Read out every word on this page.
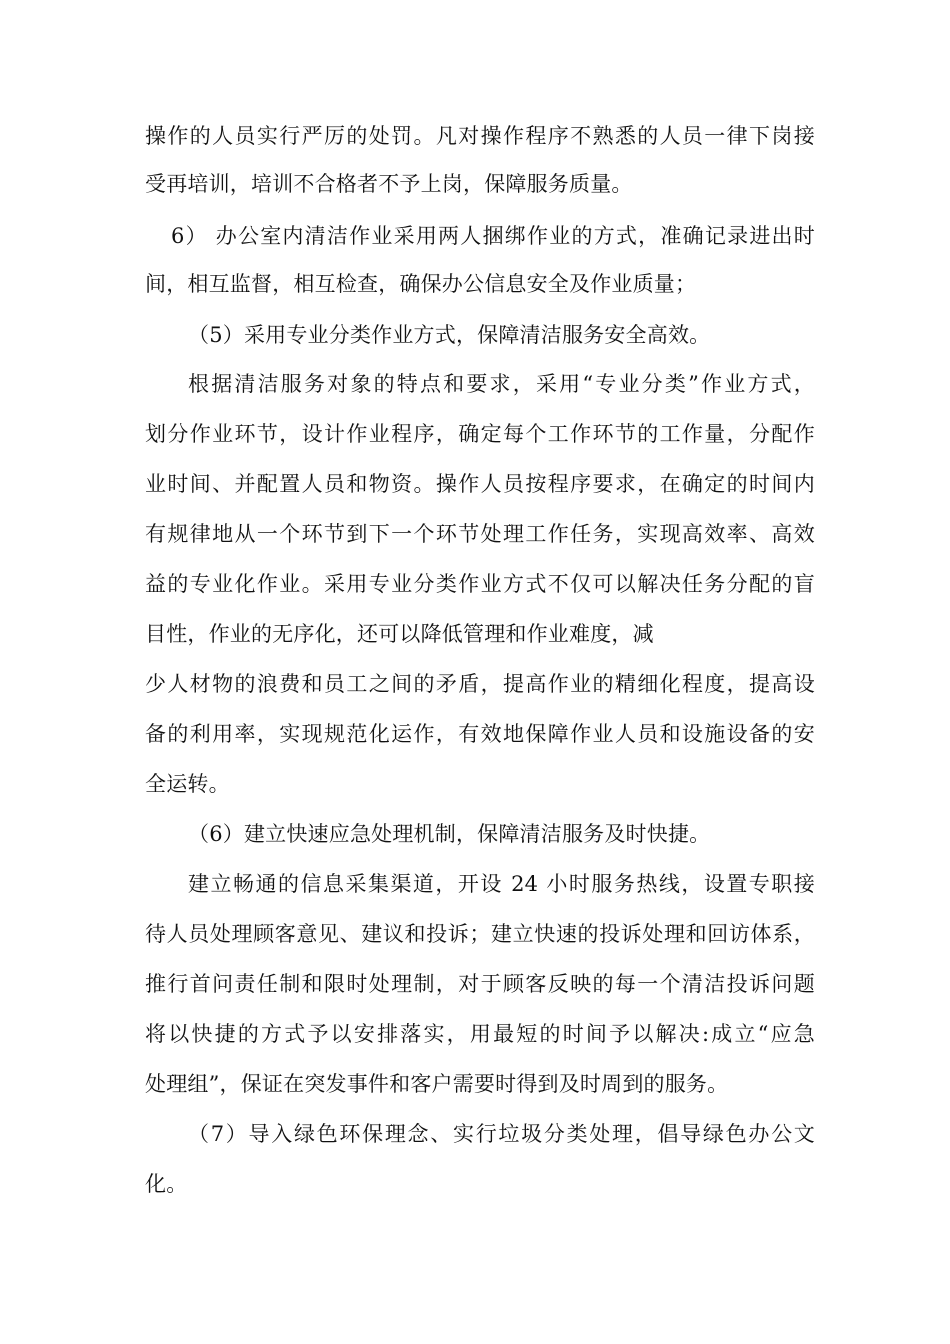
操作的人员实行严厉的处罚。凡对操作程序不熟悉的人员一律下岗接
受再培训，培训不合格者不予上岗，保障服务质量。
6） 办公室内清洁作业采用两人捆绑作业的方式，准确记录进出时
间，相互监督，相互检查，确保办公信息安全及作业质量；
（5）采用专业分类作业方式，保障清洁服务安全高效。
根据清洁服务对象的特点和要求，采用“专业分类”作业方式，
划分作业环节，设计作业程序，确定每个工作环节的工作量，分配作
业时间、并配置人员和物资。操作人员按程序要求，在确定的时间内
有规律地从一个环节到下一个环节处理工作任务，实现高效率、高效
益的专业化作业。采用专业分类作业方式不仅可以解决任务分配的盲
目性，作业的无序化，还可以降低管理和作业难度，减
少人材物的浪费和员工之间的矛盾，提高作业的精细化程度，提高设
备的利用率，实现规范化运作，有效地保障作业人员和设施设备的安
全运转。
（6）建立快速应急处理机制，保障清洁服务及时快捷。
建立畅通的信息采集渠道，开设 24 小时服务热线，设置专职接
待人员处理顾客意见、建议和投诉；建立快速的投诉处理和回访体系，
推行首问责任制和限时处理制，对于顾客反映的每一个清洁投诉问题
将以快捷的方式予以安排落实，用最短的时间予以解决:成立“应急
处理组”，保证在突发事件和客户需要时得到及时周到的服务。
（7）导入绿色环保理念、实行垃圾分类处理，倡导绿色办公文
化。
